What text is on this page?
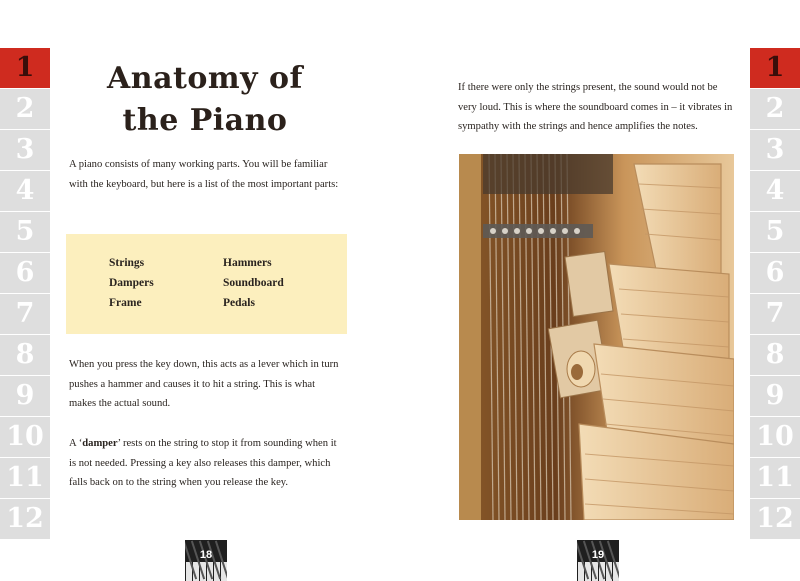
1
2
3
4
5
6
7
8
9
10
11
12
1
2
3
4
5
6
7
8
9
10
11
12
Anatomy of
the Piano

A piano consists of many working parts. You will be familiar with the keyboard, but here is a list of the most important parts:

Strings	Hammers
Dampers	Soundboard
Frame	Pedals

When you press the key down, this acts as a lever which in turn pushes a hammer and causes it to hit a string. This is what makes the actual sound.

A ‘damper’ rests on the string to stop it from sounding when it is not needed. Pressing a key also releases this damper, which falls back on to the string when you release the key.

If there were only the strings present, the sound would not be very loud. This is where the soundboard comes in – it vibrates in sympathy with the strings and hence amplifies the notes.

18	19
